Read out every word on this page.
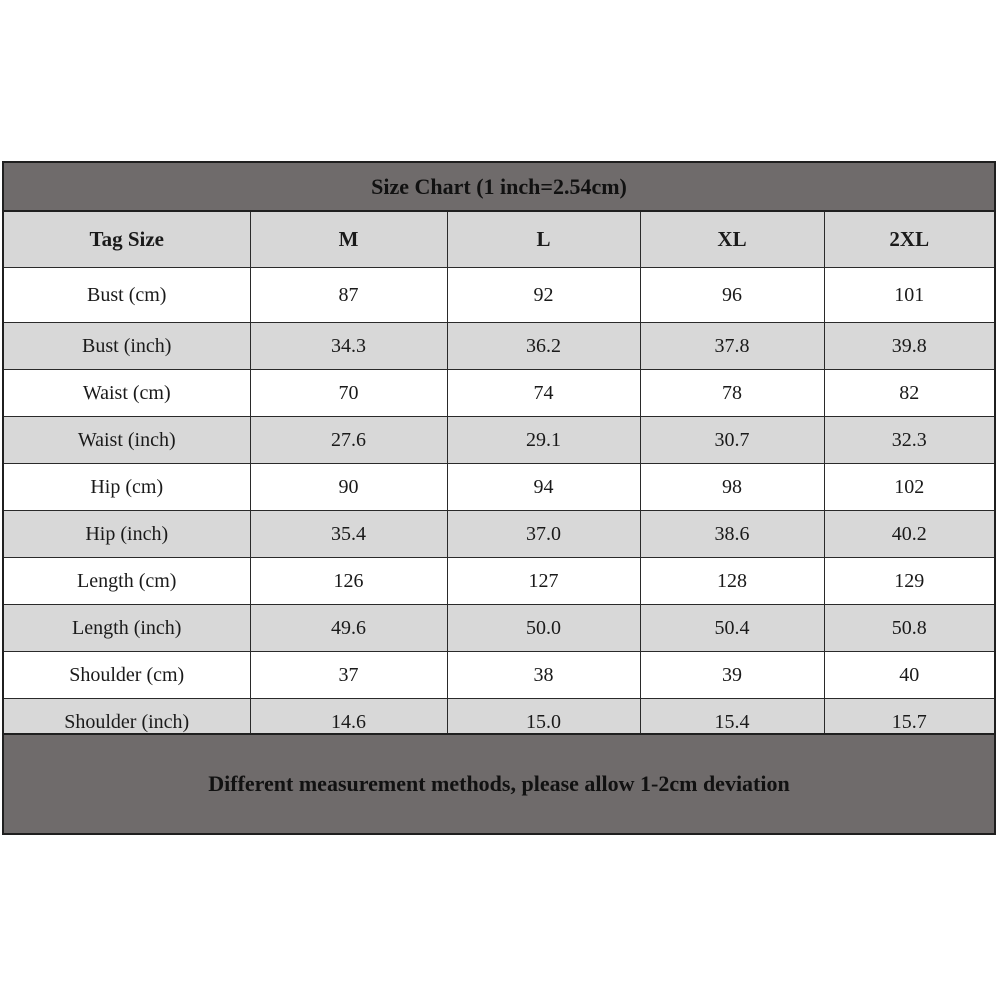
Size Chart (1 inch=2.54cm)
Tag Size	M	L	XL	2XL
Bust (cm)	87	92	96	101
Bust (inch)	34.3	36.2	37.8	39.8
Waist (cm)	70	74	78	82
Waist (inch)	27.6	29.1	30.7	32.3
Hip (cm)	90	94	98	102
Hip (inch)	35.4	37.0	38.6	40.2
Length (cm)	126	127	128	129
Length (inch)	49.6	50.0	50.4	50.8
Shoulder (cm)	37	38	39	40
Shoulder (inch)	14.6	15.0	15.4	15.7
Different measurement methods, please allow 1-2cm deviation
